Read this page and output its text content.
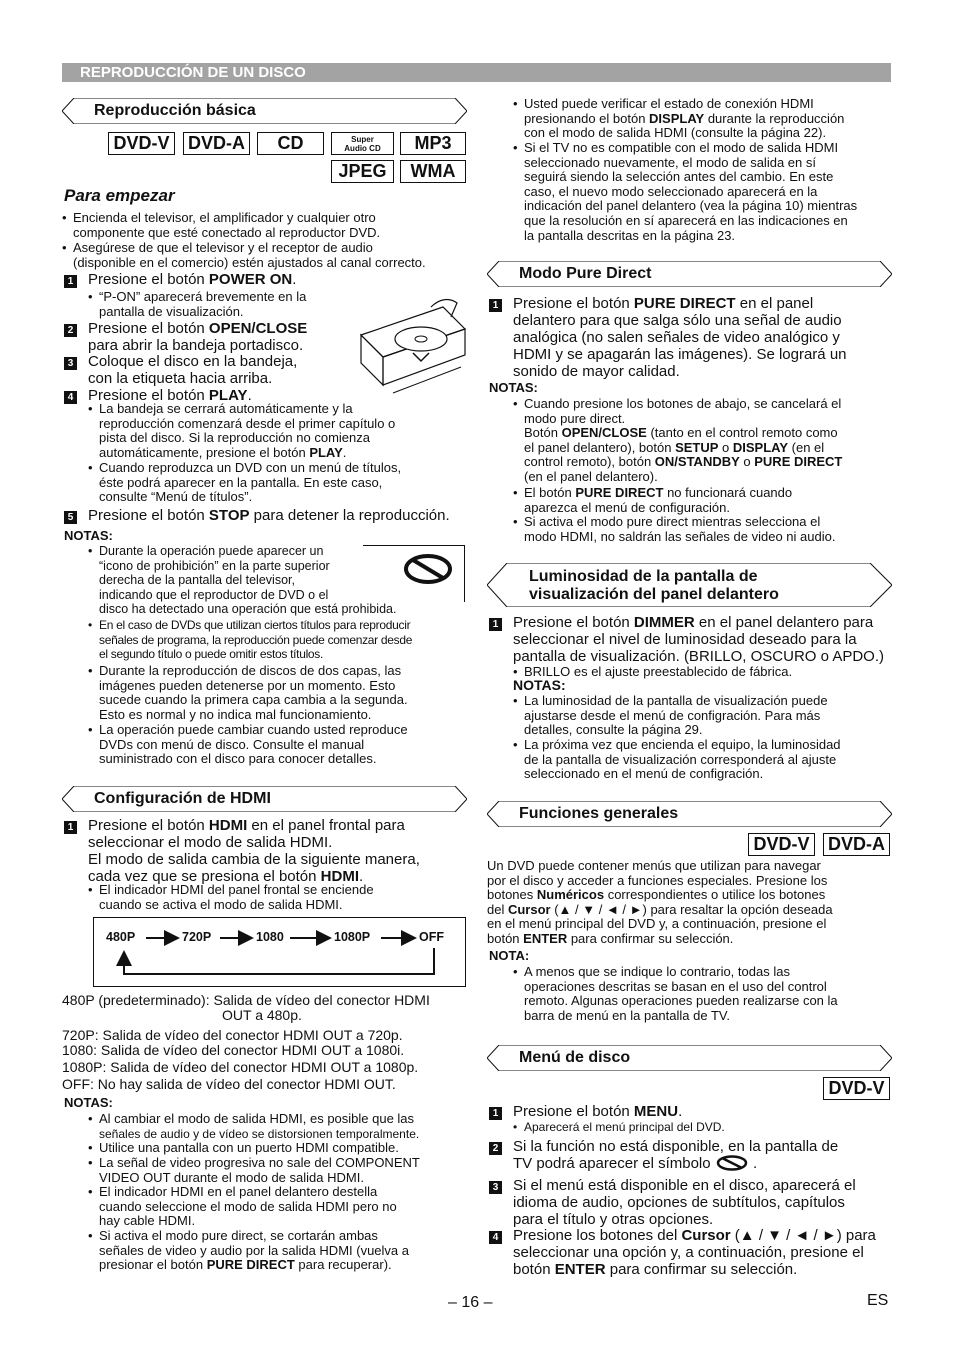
REPRODUCCIÓN DE UN DISCO
Reproducción básica
DVD-V	DVD-A	CD	Super
Audio CD	MP3
JPEG	WMA
Para empezar
• Encienda el televisor, el amplificador y cualquier otro
componente que esté conectado al reproductor DVD.
• Asegúrese de que el televisor y el receptor de audio
(disponible en el comercio) estén ajustados al canal correcto.
1 Presione el botón POWER ON.
• “P-ON” aparecerá brevemente en la
pantalla de visualización.
2 Presione el botón OPEN/CLOSE
para abrir la bandeja portadisco.
3 Coloque el disco en la bandeja,
con la etiqueta hacia arriba.
4 Presione el botón PLAY.
• La bandeja se cerrará automáticamente y la
reproducción comenzará desde el primer capítulo o
pista del disco. Si la reproducción no comienza
automáticamente, presione el botón PLAY.
• Cuando reproduzca un DVD con un menú de títulos,
éste podrá aparecer en la pantalla. En este caso,
consulte “Menú de títulos”.
5 Presione el botón STOP para detener la reproducción.
NOTAS:
• Durante la operación puede aparecer un
“icono de prohibición” en la parte superior
derecha de la pantalla del televisor,
indicando que el reproductor de DVD o el
disco ha detectado una operación que está prohibida.
• En el caso de DVDs que utilizan ciertos títulos para reproducir
señales de programa, la reproducción puede comenzar desde
el segundo título o puede omitir estos títulos.
• Durante la reproducción de discos de dos capas, las
imágenes pueden detenerse por un momento. Esto
sucede cuando la primera capa cambia a la segunda.
Esto es normal y no indica mal funcionamiento.
• La operación puede cambiar cuando usted reproduce
DVDs con menú de disco. Consulte el manual
suministrado con el disco para conocer detalles.
Configuración de HDMI
1 Presione el botón HDMI en el panel frontal para
seleccionar el modo de salida HDMI.
El modo de salida cambia de la siguiente manera,
cada vez que se presiona el botón HDMI.
• El indicador HDMI del panel frontal se enciende
cuando se activa el modo de salida HDMI.
480P	720P	1080	1080P	OFF
480P (predeterminado): Salida de vídeo del conector HDMI
OUT a 480p.
720P: Salida de vídeo del conector HDMI OUT a 720p.
1080: Salida de vídeo del conector HDMI OUT a 1080i.
1080P: Salida de vídeo del conector HDMI OUT a 1080p.
OFF: No hay salida de vídeo del conector HDMI OUT.
NOTAS:
• Al cambiar el modo de salida HDMI, es posible que las
señales de audio y de vídeo se distorsionen temporalmente.
• Utilice una pantalla con un puerto HDMI compatible.
• La señal de video progresiva no sale del COMPONENT
VIDEO OUT durante el modo de salida HDMI.
• El indicador HDMI en el panel delantero destella
cuando seleccione el modo de salida HDMI pero no
hay cable HDMI.
• Si activa el modo pure direct, se cortarán ambas
señales de video y audio por la salida HDMI (vuelva a
presionar el botón PURE DIRECT para recuperar).
• Usted puede verificar el estado de conexión HDMI
presionando el botón DISPLAY durante la reproducción
con el modo de salida HDMI (consulte la página 22).
• Si el TV no es compatible con el modo de salida HDMI
seleccionado nuevamente, el modo de salida en sí
seguirá siendo la selección antes del cambio. En este
caso, el nuevo modo seleccionado aparecerá en la
indicación del panel delantero (vea la página 10) mientras
que la resolución en sí aparecerá en las indicaciones en
la pantalla descritas en la página 23.
Modo Pure Direct
1 Presione el botón PURE DIRECT en el panel
delantero para que salga sólo una señal de audio
analógica (no salen señales de video analógico y
HDMI y se apagarán las imágenes). Se logrará un
sonido de mayor calidad.
NOTAS:
• Cuando presione los botones de abajo, se cancelará el
modo pure direct.
Botón OPEN/CLOSE (tanto en el control remoto como
el panel delantero), botón SETUP o DISPLAY (en el
control remoto), botón ON/STANDBY o PURE DIRECT
(en el panel delantero).
• El botón PURE DIRECT no funcionará cuando
aparezca el menú de configuración.
• Si activa el modo pure direct mientras selecciona el
modo HDMI, no saldrán las señales de video ni audio.
Luminosidad de la pantalla de
visualización del panel delantero
1 Presione el botón DIMMER en el panel delantero para
seleccionar el nivel de luminosidad deseado para la
pantalla de visualización. (BRILLO, OSCURO o APDO.)
• BRILLO es el ajuste preestablecido de fábrica.
NOTAS:
• La luminosidad de la pantalla de visualización puede
ajustarse desde el menú de configración. Para más
detalles, consulte la página 29.
• La próxima vez que encienda el equipo, la luminosidad
de la pantalla de visualización corresponderá al ajuste
seleccionado en el menú de configración.
Funciones generales
DVD-V	DVD-A
Un DVD puede contener menús que utilizan para navegar
por el disco y acceder a funciones especiales. Presione los
botones Numéricos correspondientes o utilice los botones
del Cursor (▲ / ▼ / ◄ / ►) para resaltar la opción deseada
en el menú principal del DVD y, a continuación, presione el
botón ENTER para confirmar su selección.
NOTA:
• A menos que se indique lo contrario, todas las
operaciones descritas se basan en el uso del control
remoto. Algunas operaciones pueden realizarse con la
barra de menú en la pantalla de TV.
Menú de disco
DVD-V
1 Presione el botón MENU.
• Aparecerá el menú principal del DVD.
2 Si la función no está disponible, en la pantalla de
TV podrá aparecer el símbolo  .
3 Si el menú está disponible en el disco, aparecerá el
idioma de audio, opciones de subtítulos, capítulos
para el título y otras opciones.
4 Presione los botones del Cursor (▲ / ▼ / ◄ / ►) para
seleccionar una opción y, a continuación, presione el
botón ENTER para confirmar su selección.
– 16 –	ES
